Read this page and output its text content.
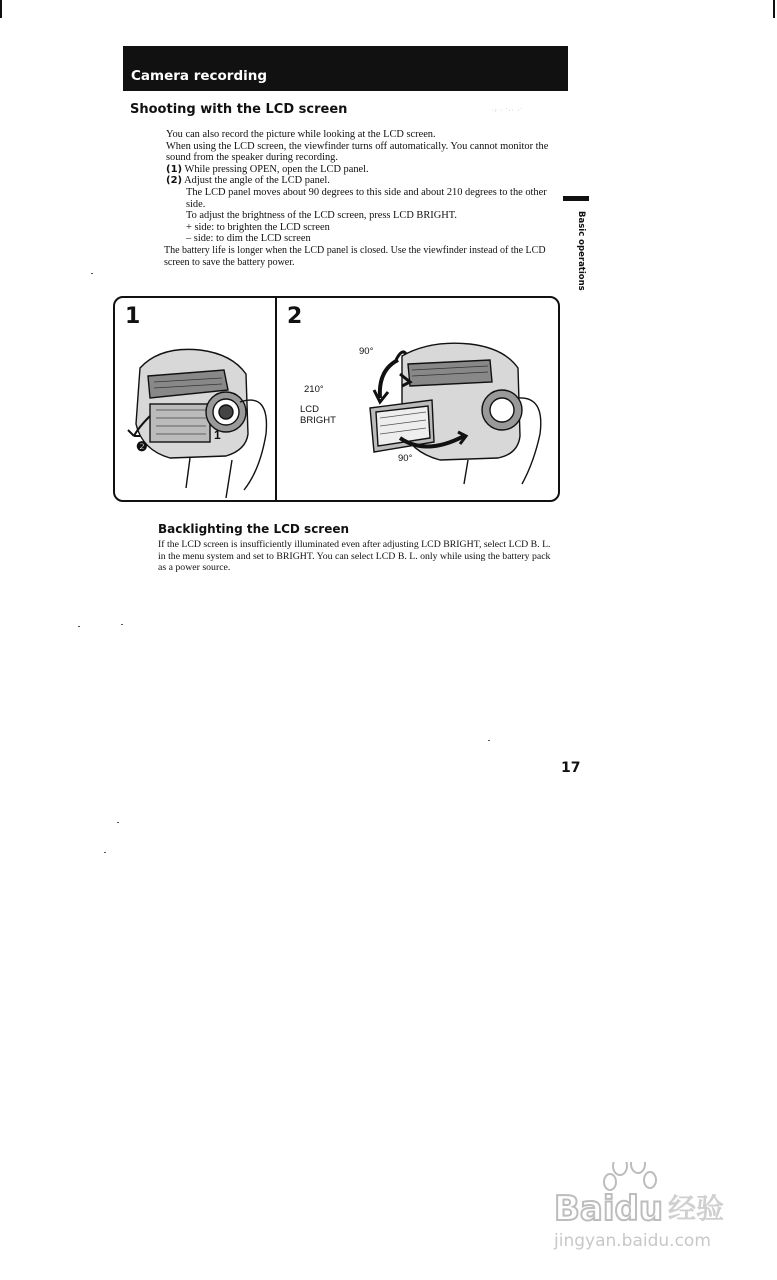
Camera recording
Shooting with the LCD screen	·: · ˙·· ·˙

You can also record the picture while looking at the LCD screen.

When using the LCD screen, the viewfinder turns off automatically. You cannot monitor the sound from the speaker during recording.

(1) While pressing OPEN, open the LCD panel.

(2) Adjust the angle of the LCD panel.

The LCD panel moves about 90 degrees to this side and about 210 degrees to the other side.

To adjust the brightness of the LCD screen, press LCD BRIGHT.

+ side: to brighten the LCD screen

– side: to dim the LCD screen

The battery life is longer when the LCD panel is closed. Use the viewfinder instead of the LCD screen to save the battery power.	Basic operations
1
❷
1
2
90°
210°
LCD
BRIGHT
90°
Backlighting the LCD screen
If the LCD screen is insufficiently illuminated even after adjusting LCD BRIGHT, select LCD B. L. in the menu system and set to BRIGHT. You can select LCD B. L. only while using the battery pack as a power source.
17
Baidu 经验
jingyan.baidu.com
